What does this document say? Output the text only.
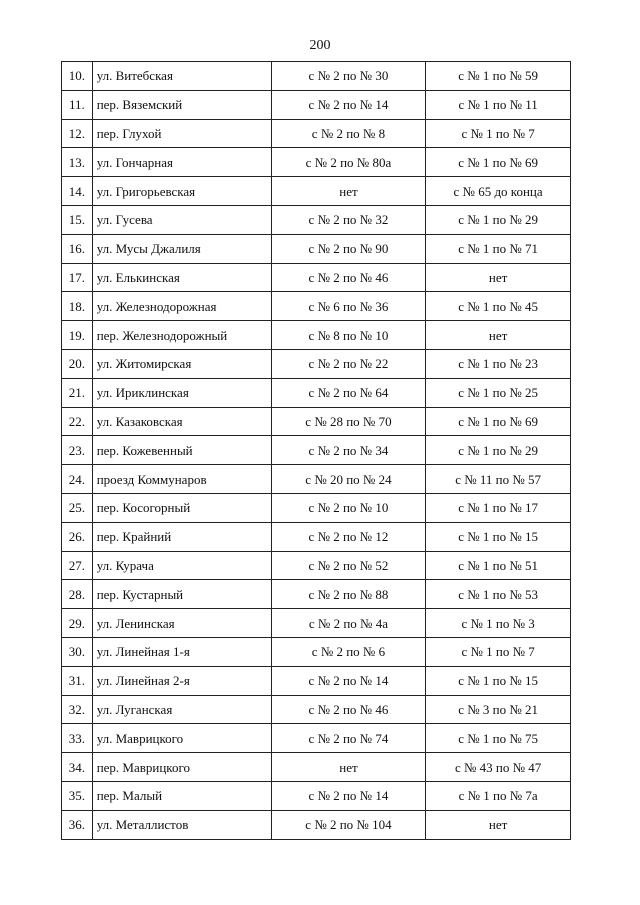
200
10.	ул. Витебская	с № 2 по № 30	с № 1 по № 59
11.	пер. Вяземский	с № 2 по № 14	с № 1 по № 11
12.	пер. Глухой	с № 2 по № 8	с № 1 по № 7
13.	ул. Гончарная	с № 2 по № 80а	с № 1 по № 69
14.	ул. Григорьевская	нет	с № 65 до конца
15.	ул. Гусева	с № 2 по № 32	с № 1 по № 29
16.	ул. Мусы Джалиля	с № 2 по № 90	с № 1 по № 71
17.	ул. Елькинская	с № 2 по № 46	нет
18.	ул. Железнодорожная	с № 6 по № 36	с № 1 по № 45
19.	пер. Железнодорожный	с № 8 по № 10	нет
20.	ул. Житомирская	с № 2 по № 22	с № 1 по № 23
21.	ул. Ириклинская	с № 2 по № 64	с № 1 по № 25
22.	ул. Казаковская	с № 28 по № 70	с № 1 по № 69
23.	пер. Кожевенный	с № 2 по № 34	с № 1 по № 29
24.	проезд Коммунаров	с № 20 по № 24	с № 11 по № 57
25.	пер. Косогорный	с № 2 по № 10	с № 1 по № 17
26.	пер. Крайний	с № 2 по № 12	с № 1 по № 15
27.	ул. Курача	с № 2 по № 52	с № 1 по № 51
28.	пер. Кустарный	с № 2 по № 88	с № 1 по № 53
29.	ул. Ленинская	с № 2 по № 4а	с № 1 по № 3
30.	ул. Линейная 1-я	с № 2 по № 6	с № 1 по № 7
31.	ул. Линейная 2-я	с № 2 по № 14	с № 1 по № 15
32.	ул. Луганская	с № 2 по № 46	с № 3 по № 21
33.	ул. Маврицкого	с № 2 по № 74	с № 1 по № 75
34.	пер. Маврицкого	нет	с № 43 по № 47
35.	пер. Малый	с № 2 по № 14	с № 1 по № 7а
36.	ул. Металлистов	с № 2 по № 104	нет
